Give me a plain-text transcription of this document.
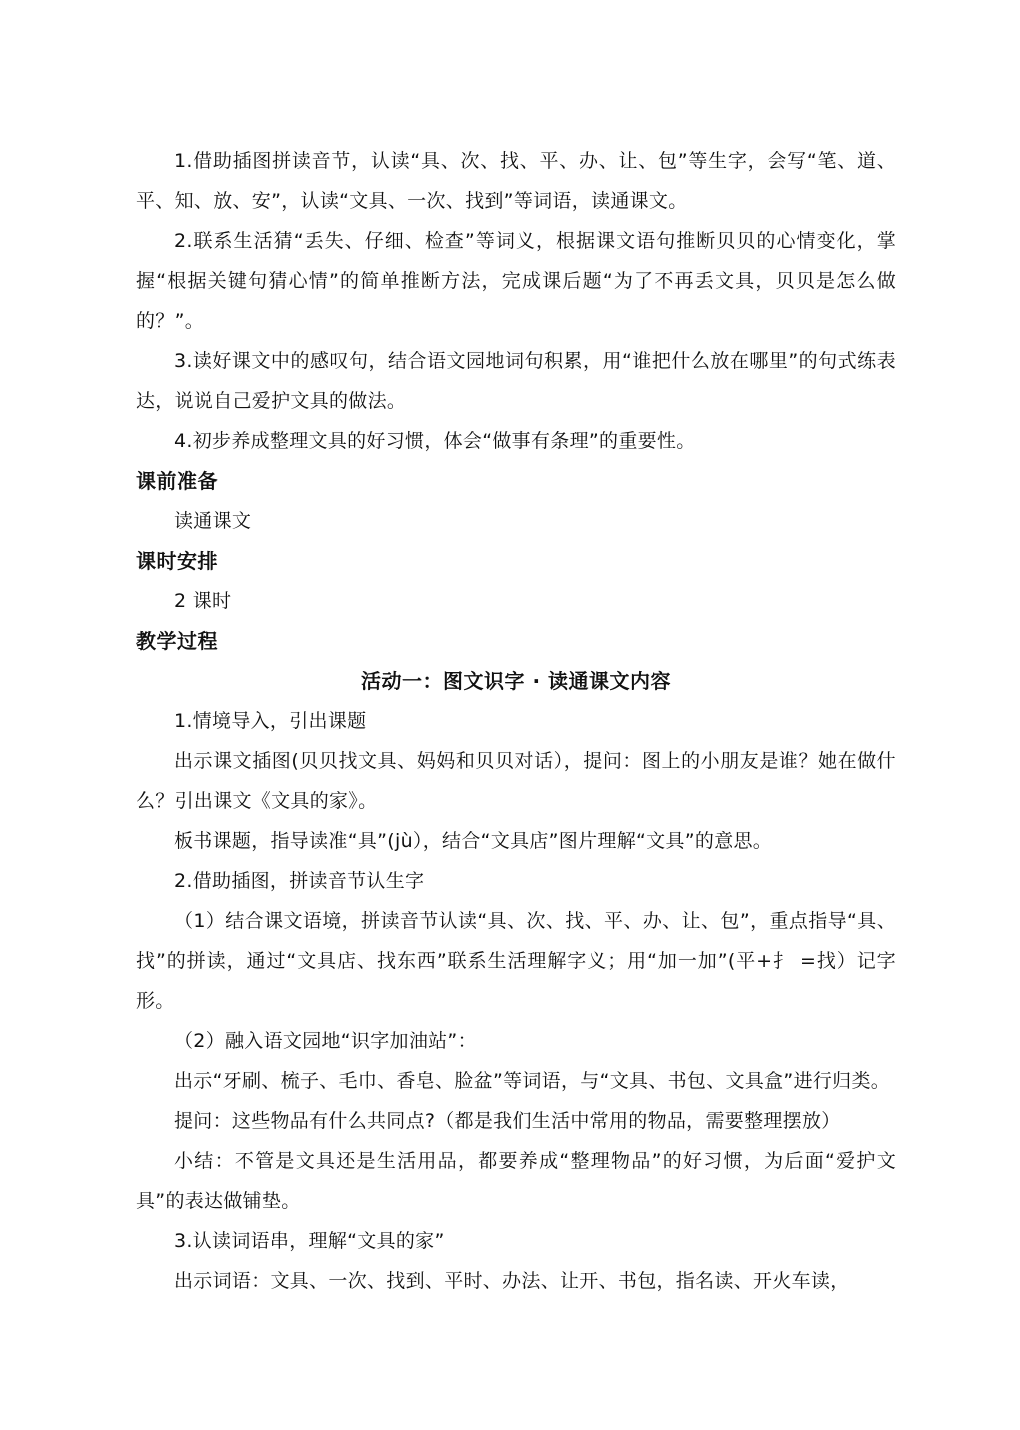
1.借助插图拼读音节，认读“具、次、找、平、办、让、包”等生字，会写“笔、道、平、知、放、安”，认读“文具、一次、找到”等词语，读通课文。

2.联系生活猜“丢失、仔细、检查”等词义，根据课文语句推断贝贝的心情变化，掌握“根据关键句猜心情”的简单推断方法，完成课后题“为了不再丢文具，贝贝是怎么做的？”。

3.读好课文中的感叹句，结合语文园地词句积累，用“谁把什么放在哪里”的句式练表达，说说自己爱护文具的做法。

4.初步养成整理文具的好习惯，体会“做事有条理”的重要性。

课前准备

读通课文

课时安排

2 课时

教学过程

活动一：图文识字 · 读通课文内容

1.情境导入，引出课题

出示课文插图(贝贝找文具、妈妈和贝贝对话），提问：图上的小朋友是谁？她在做什么？引出课文《文具的家》。

板书课题，指导读准“具”(jù），结合“文具店”图片理解“文具”的意思。

2.借助插图，拼读音节认生字

（1）结合课文语境，拼读音节认读“具、次、找、平、办、让、包”，重点指导“具、找”的拼读，通过“文具店、找东西”联系生活理解字义；用“加一加”(平+扌 =找）记字形。

（2）融入语文园地“识字加油站”：

出示“牙刷、梳子、毛巾、香皂、脸盆”等词语，与“文具、书包、文具盒”进行归类。

提问：这些物品有什么共同点?（都是我们生活中常用的物品，需要整理摆放）

小结：不管是文具还是生活用品，都要养成“整理物品”的好习惯，为后面“爱护文具”的表达做铺垫。

3.认读词语串，理解“文具的家”

出示词语：文具、一次、找到、平时、办法、让开、书包，指名读、开火车读，
